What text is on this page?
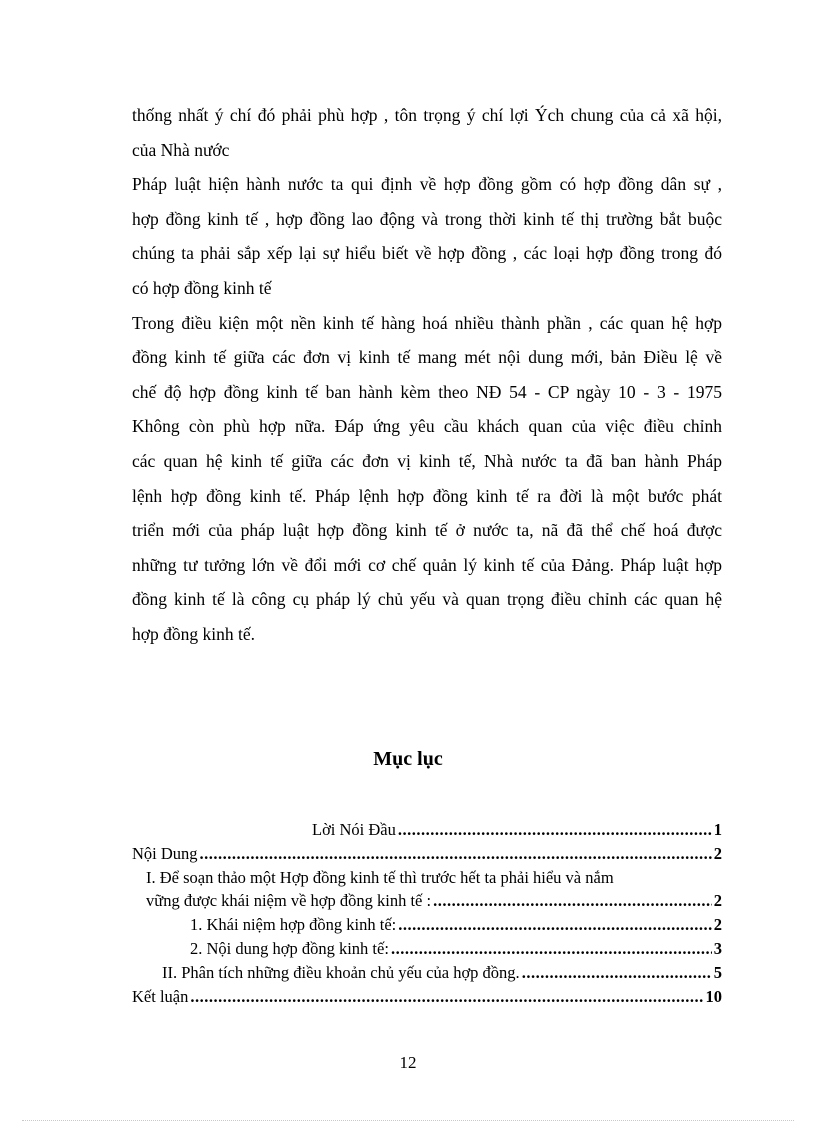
thống nhất ý chí đó phải phù hợp , tôn trọng ý chí lợi Ých chung của cả xã hội,
của Nhà nước
Pháp luật hiện hành nước ta qui định về hợp đồng gồm có hợp đồng dân sự ,
hợp đồng kinh tế , hợp đồng lao động và trong thời kinh tế thị trường bắt buộc
chúng ta phải sắp xếp lại sự hiểu biết về hợp đồng , các loại hợp đồng trong đó
có hợp đồng kinh tế
Trong điều kiện một nền kinh tế hàng hoá nhiều thành phần , các quan hệ hợp
đồng kinh tế giữa các đơn vị kinh tế mang mét nội dung mới, bản Điều lệ về
chế độ hợp đồng kinh tế ban hành kèm theo NĐ 54 - CP ngày 10 - 3 - 1975
Không còn phù hợp nữa. Đáp ứng yêu cầu khách quan của việc điều chỉnh
các quan hệ kinh tế giữa các đơn vị kinh tế, Nhà nước ta đã ban hành Pháp
lệnh hợp đồng kinh tế. Pháp lệnh hợp đồng kinh tế ra đời là một bước phát
triển mới của pháp luật hợp đồng kinh tế ở nước ta, nã đã thể chế hoá được
những tư tưởng lớn về đổi mới cơ chế quản lý kinh tế của Đảng. Pháp luật hợp
đồng kinh tế là công cụ pháp lý chủ yếu và quan trọng điều chỉnh các quan hệ
hợp đồng kinh tế.
Mục lục
Lời Nói Đầu .....	1
Nội Dung .....	2
I. Để soạn thảo một Hợp đồng kinh tế thì trước hết ta phải hiểu và nắm
vững được khái niệm về hợp đồng kinh tế : .....	2
1. Khái niệm hợp đồng kinh tế: .....	2
2. Nội dung hợp đồng kinh tế: .....	3
II. Phân tích những điều khoản chủ yếu của hợp đồng. .....	5
Kết luận .....	10
12
